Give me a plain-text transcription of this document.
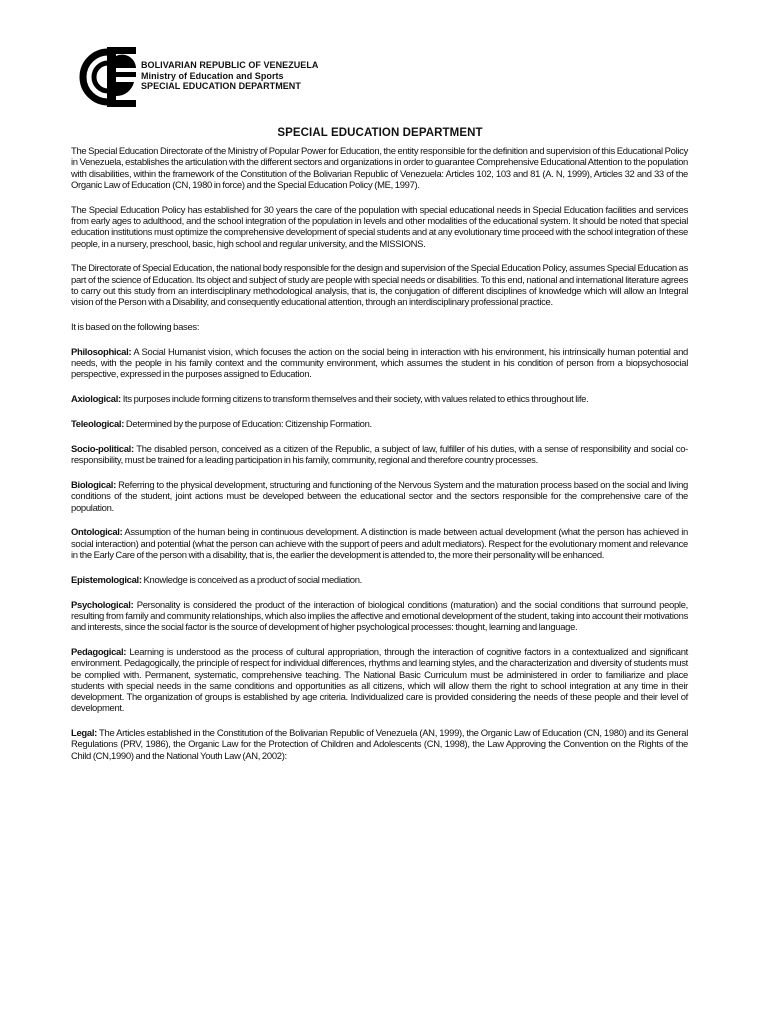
BOLIVARIAN REPUBLIC OF VENEZUELA
Ministry of Education and Sports
SPECIAL EDUCATION DEPARTMENT
SPECIAL EDUCATION DEPARTMENT

The Special Education Directorate of the Ministry of Popular Power for Education, the entity responsible for the definition and supervision of this Educational Policy in Venezuela, establishes the articulation with the different sectors and organizations in order to guarantee Comprehensive Educational Attention to the population with disabilities, within the framework of the Constitution of the Bolivarian Republic of Venezuela: Articles 102, 103 and 81 (A. N, 1999), Articles 32 and 33 of the Organic Law of Education (CN, 1980 in force) and the Special Education Policy (ME, 1997).

The Special Education Policy has established for 30 years the care of the population with special educational needs in Special Education facilities and services from early ages to adulthood, and the school integration of the population in levels and other modalities of the educational system. It should be noted that special education institutions must optimize the comprehensive development of special students and at any evolutionary time proceed with the school integration of these people, in a nursery, preschool, basic, high school and regular university, and the MISSIONS.

The Directorate of Special Education, the national body responsible for the design and supervision of the Special Education Policy, assumes Special Education as part of the science of Education. Its object and subject of study are people with special needs or disabilities. To this end, national and international literature agrees to carry out this study from an interdisciplinary methodological analysis, that is, the conjugation of different disciplines of knowledge which will allow an Integral vision of the Person with a Disability, and consequently educational attention, through an interdisciplinary professional practice.

It is based on the following bases:

Philosophical: A Social Humanist vision, which focuses the action on the social being in interaction with his environment, his intrinsically human potential and needs, with the people in his family context and the community environment, which assumes the student in his condition of person from a biopsychosocial perspective, expressed in the purposes assigned to Education.

Axiological: Its purposes include forming citizens to transform themselves and their society, with values related to ethics throughout life.

Teleological: Determined by the purpose of Education: Citizenship Formation.

Socio-political: The disabled person, conceived as a citizen of the Republic, a subject of law, fulfiller of his duties, with a sense of responsibility and social co-responsibility, must be trained for a leading participation in his family, community, regional and therefore country processes.

Biological: Referring to the physical development, structuring and functioning of the Nervous System and the maturation process based on the social and living conditions of the student, joint actions must be developed between the educational sector and the sectors responsible for the comprehensive care of the population.

Ontological: Assumption of the human being in continuous development. A distinction is made between actual development (what the person has achieved in social interaction) and potential (what the person can achieve with the support of peers and adult mediators). Respect for the evolutionary moment and relevance in the Early Care of the person with a disability, that is, the earlier the development is attended to, the more their personality will be enhanced.

Epistemological: Knowledge is conceived as a product of social mediation.

Psychological: Personality is considered the product of the interaction of biological conditions (maturation) and the social conditions that surround people, resulting from family and community relationships, which also implies the affective and emotional development of the student, taking into account their motivations and interests, since the social factor is the source of development of higher psychological processes: thought, learning and language.

Pedagogical: Learning is understood as the process of cultural appropriation, through the interaction of cognitive factors in a contextualized and significant environment. Pedagogically, the principle of respect for individual differences, rhythms and learning styles, and the characterization and diversity of students must be complied with. Permanent, systematic, comprehensive teaching. The National Basic Curriculum must be administered in order to familiarize and place students with special needs in the same conditions and opportunities as all citizens, which will allow them the right to school integration at any time in their development. The organization of groups is established by age criteria. Individualized care is provided considering the needs of these people and their level of development.

Legal: The Articles established in the Constitution of the Bolivarian Republic of Venezuela (AN, 1999), the Organic Law of Education (CN, 1980) and its General Regulations (PRV, 1986), the Organic Law for the Protection of Children and Adolescents (CN, 1998), the Law Approving the Convention on the Rights of the Child (CN,1990) and the National Youth Law (AN, 2002):
